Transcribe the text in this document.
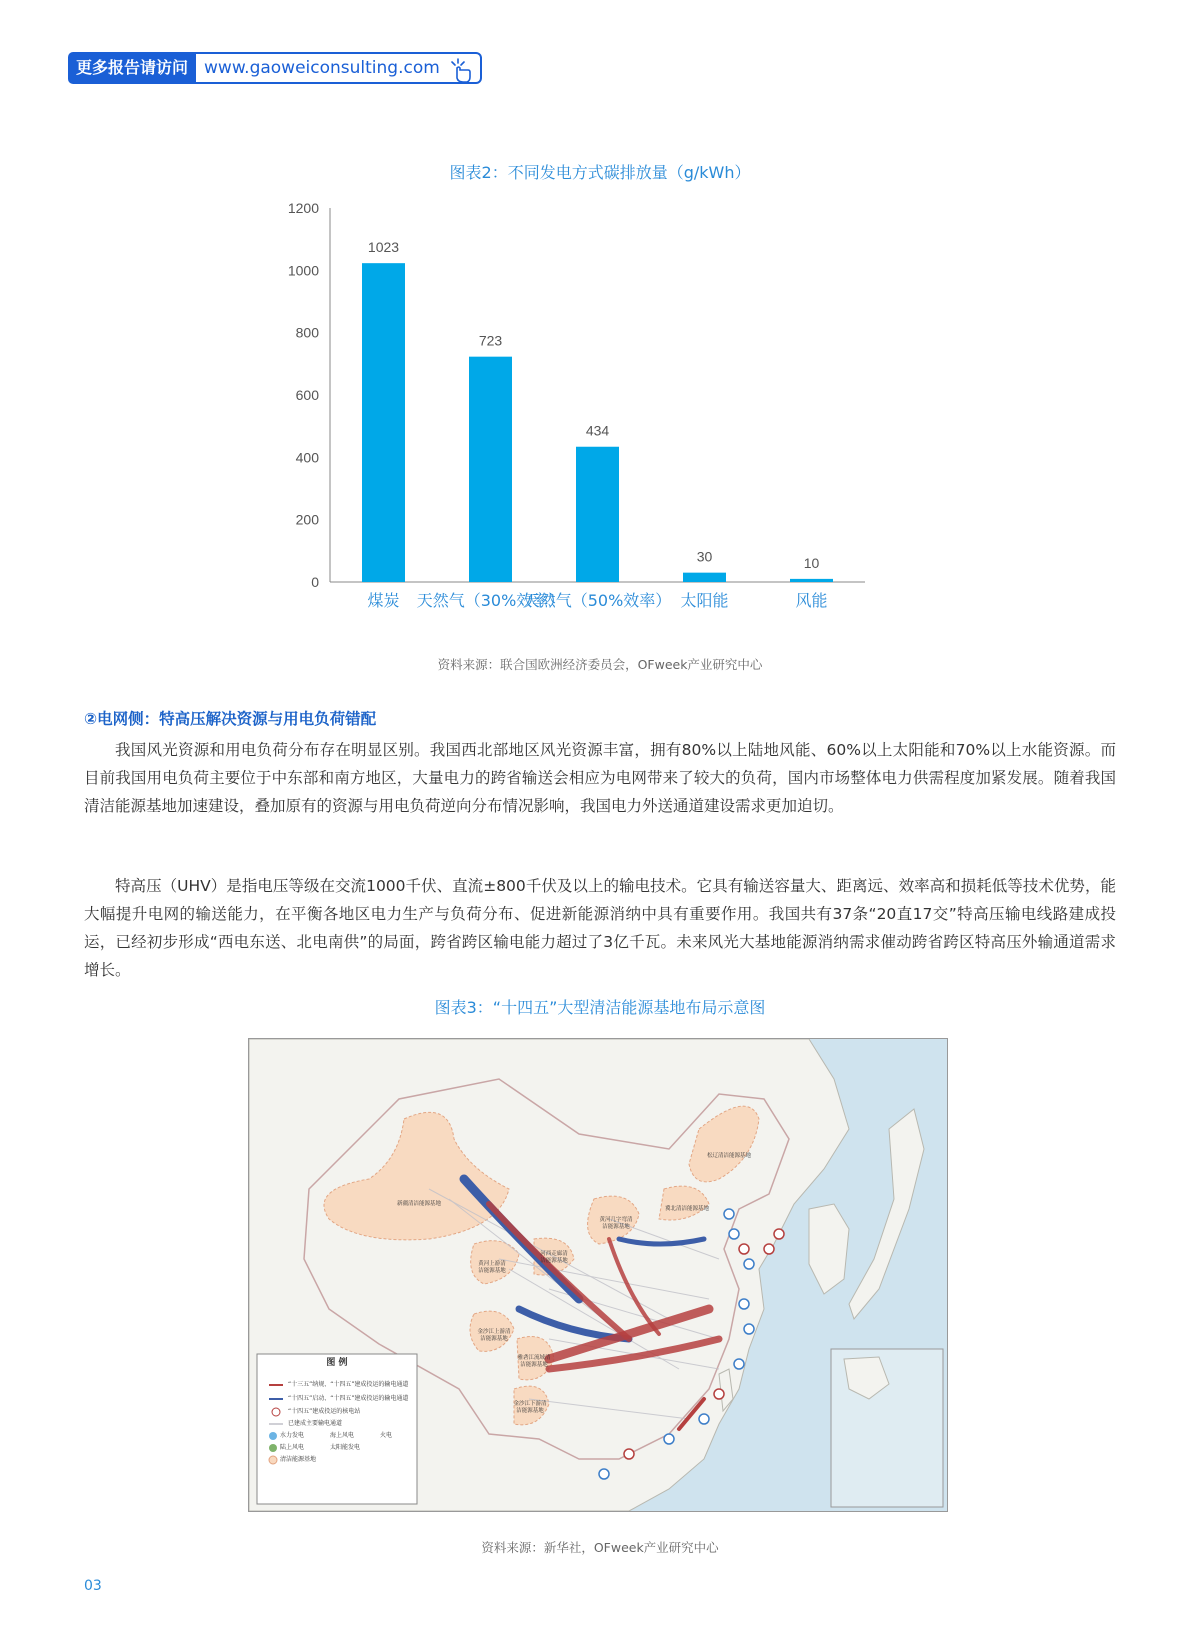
更多报告请访问 www.gaoweiconsulting.com
图表2：不同发电方式碳排放量（g/kWh）
0
200
400
600
800
1000
1200
1023
723
434
30	10
煤炭 天然气（30%效率）
天然气（50%效率） 太阳能	风能
资料来源：联合国欧洲经济委员会，OFweek产业研究中心
②电网侧：特高压解决资源与用电负荷错配

我国风光资源和用电负荷分布存在明显区别。我国西北部地区风光资源丰富，拥有80%以上陆地风能、60%以上太阳能和70%以上水能资源。而目前我国用电负荷主要位于中东部和南方地区，大量电力的跨省输送会相应为电网带来了较大的负荷，国内市场整体电力供需程度加紧发展。随着我国清洁能源基地加速建设，叠加原有的资源与用电负荷逆向分布情况影响，我国电力外送通道建设需求更加迫切。

特高压（UHV）是指电压等级在交流1000千伏、直流±800千伏及以上的输电技术。它具有输送容量大、距离远、效率高和损耗低等技术优势，能大幅提升电网的输送能力，在平衡各地区电力生产与负荷分布、促进新能源消纳中具有重要作用。我国共有37条“20直17交”特高压输电线路建成投运，已经初步形成“西电东送、北电南供”的局面，跨省跨区输电能力超过了3亿千瓦。未来风光大基地能源消纳需求催动跨省跨区特高压外输通道需求增长。

图表3：“十四五”大型清洁能源基地布局示意图
图 例
“十三五”纳规、“十四五”建成投运的输电通道
“十四五”启动、“十四五”建成投运的输电通道
“十四五”建成投运的核电站
已建成主要输电通道
水力发电	海上风电	火电
陆上风电	太阳能发电
清洁能源基地
新疆清洁能源基地
黄河几字弯清洁能源基地
冀北清洁能源基地
松辽清洁能源基地
黄河上游清洁能源基地
河西走廊清洁能源基地
金沙江上游清洁能源基地
雅砻江流域清洁能源基地
金沙江下游清洁能源基地
资料来源：新华社，OFweek产业研究中心
03
